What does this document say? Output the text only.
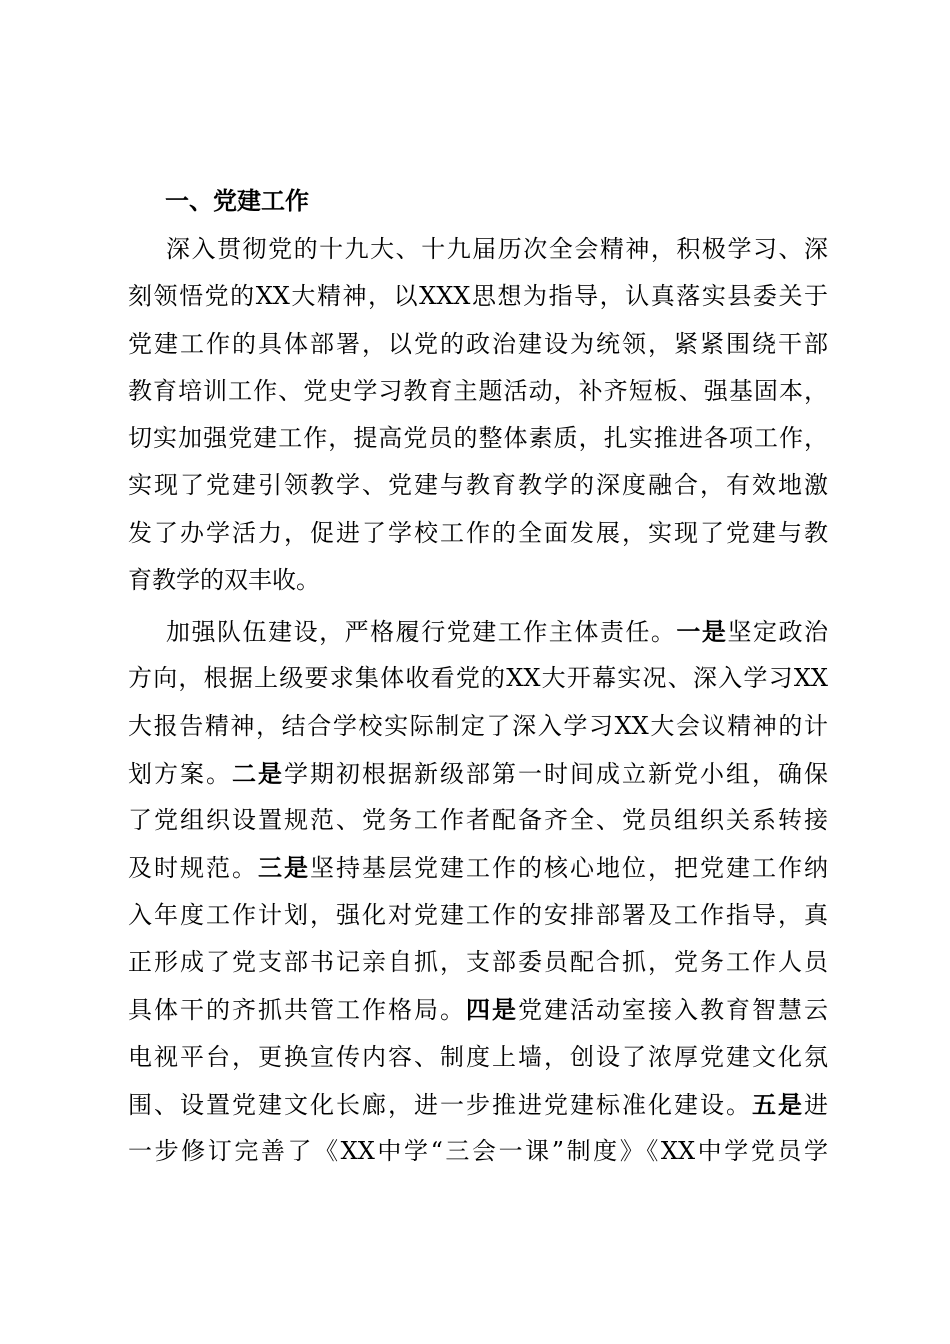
一、党建工作
深入贯彻党的十九大、十九届历次全会精神，积极学习、深
刻领悟党的XX大精神，以XXX思想为指导，认真落实县委关于
党建工作的具体部署，以党的政治建设为统领，紧紧围绕干部
教育培训工作、党史学习教育主题活动，补齐短板、强基固本，
切实加强党建工作，提高党员的整体素质，扎实推进各项工作，
实现了党建引领教学、党建与教育教学的深度融合，有效地激
发了办学活力，促进了学校工作的全面发展，实现了党建与教
育教学的双丰收。
加强队伍建设，严格履行党建工作主体责任。一是坚定政治
方向，根据上级要求集体收看党的XX大开幕实况、深入学习XX
大报告精神，结合学校实际制定了深入学习XX大会议精神的计
划方案。二是学期初根据新级部第一时间成立新党小组，确保
了党组织设置规范、党务工作者配备齐全、党员组织关系转接
及时规范。三是坚持基层党建工作的核心地位，把党建工作纳
入年度工作计划，强化对党建工作的安排部署及工作指导，真
正形成了党支部书记亲自抓，支部委员配合抓，党务工作人员
具体干的齐抓共管工作格局。四是党建活动室接入教育智慧云
电视平台，更换宣传内容、制度上墙，创设了浓厚党建文化氛
围、设置党建文化长廊，进一步推进党建标准化建设。五是进
一步修订完善了《XX中学“三会一课”制度》《XX中学党员学
